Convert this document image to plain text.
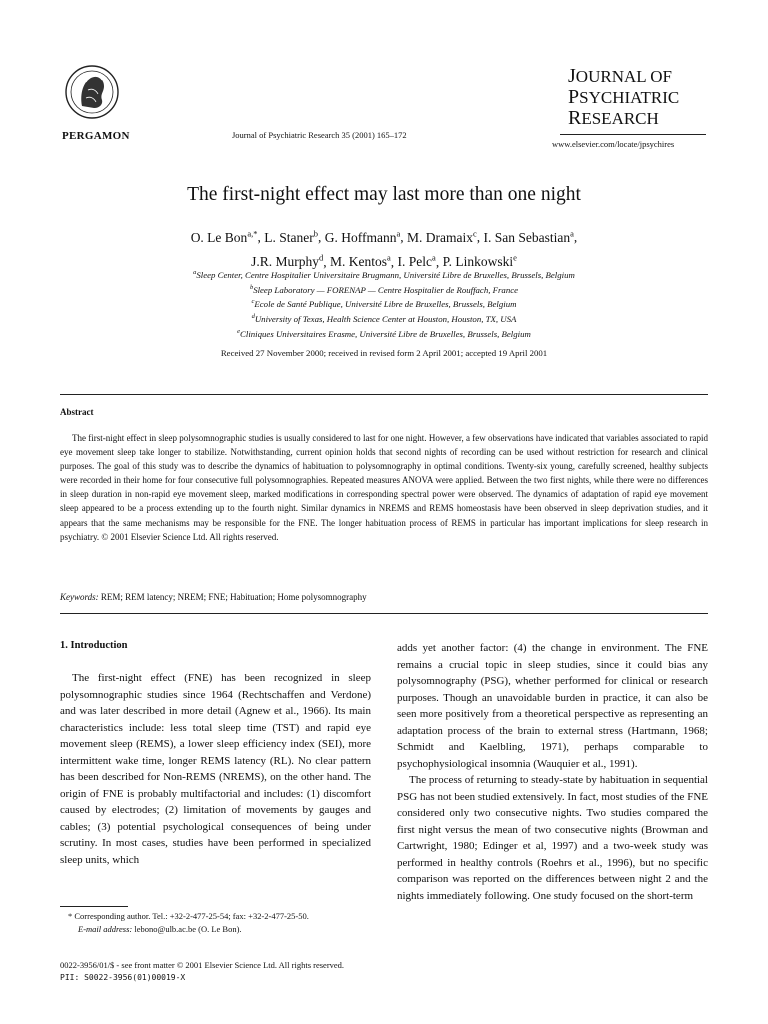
PERGAMON	Journal of Psychiatric Research 35 (2001) 165–172
JOURNAL OF
PSYCHIATRIC
RESEARCH
www.elsevier.com/locate/jpsychires
The first-night effect may last more than one night
O. Le Bon$^{a,*}$, L. Staner$^b$, G. Hoffmann$^a$, M. Dramaix$^c$, I. San Sebastian$^a$,
J.R. Murphy$^d$, M. Kentos$^a$, I. Pelc$^a$, P. Linkowski$^e$
$^a$Sleep Center, Centre Hospitalier Universitaire Brugmann, Université Libre de Bruxelles, Brussels, Belgium
$^b$Sleep Laboratory — FORENAP — Centre Hospitalier de Rouffach, France
$^c$Ecole de Santé Publique, Université Libre de Bruxelles, Brussels, Belgium
$^d$University of Texas, Health Science Center at Houston, Houston, TX, USA
$^e$Cliniques Universitaires Erasme, Université Libre de Bruxelles, Brussels, Belgium
Received 27 November 2000; received in revised form 2 April 2001; accepted 19 April 2001
Abstract
The first-night effect in sleep polysomnographic studies is usually considered to last for one night. However, a few observations have indicated that variables associated to rapid eye movement sleep take longer to stabilize. Notwithstanding, current opinion holds that second nights of recording can be used without restriction for research and clinical purposes. The goal of this study was to describe the dynamics of habituation to polysomnography in optimal conditions. Twenty-six young, carefully screened, healthy subjects were recorded in their home for four consecutive full polysomnographies. Repeated measures ANOVA were applied. Between the two first nights, while there were no differences in sleep duration in non-rapid eye movement sleep, marked modifications in corresponding spectral power were observed. The dynamics of adaptation of rapid eye movement sleep appeared to be a process extending up to the fourth night. Similar dynamics in NREMS and REMS homeostasis have been observed in sleep deprivation studies, and it appears that the same mechanisms may be responsible for the FNE. The longer habituation process of REMS in particular has important implications for sleep research in psychiatry. © 2001 Elsevier Science Ltd. All rights reserved.
Keywords: REM; REM latency; NREM; FNE; Habituation; Home polysomnography
1. Introduction

The first-night effect (FNE) has been recognized in sleep polysomnographic studies since 1964 (Rechtschaffen and Verdone) and was later described in more detail (Agnew et al., 1966). Its main characteristics include: less total sleep time (TST) and rapid eye movement sleep (REMS), a lower sleep efficiency index (SEI), more intermittent wake time, longer REMS latency (RL). No clear pattern has been described for Non-REMS (NREMS), on the other hand. The origin of FNE is probably multifactorial and includes: (1) discomfort caused by electrodes; (2) limitation of movements by gauges and cables; (3) potential psychological consequences of being under scrutiny. In most cases, studies have been performed in specialized sleep units, which

adds yet another factor: (4) the change in environment. The FNE remains a crucial topic in sleep studies, since it could bias any polysomnography (PSG), whether performed for clinical or research purposes. Though an unavoidable burden in practice, it can also be seen more positively from a theoretical perspective as representing an adaptation process of the brain to external stress (Hartmann, 1968; Schmidt and Kaelbling, 1971), perhaps comparable to psychophysiological insomnia (Wauquier et al., 1991).

The process of returning to steady-state by habituation in sequential PSG has not been studied extensively. In fact, most studies of the FNE considered only two consecutive nights. Two studies compared the first night versus the mean of two consecutive nights (Browman and Cartwright, 1980; Edinger et al, 1997) and a two-week study was performed in healthy controls (Roehrs et al., 1996), but no specific comparison was reported on the differences between night 2 and the nights immediately following. One study focused on the short-term

* Corresponding author. Tel.: +32-2-477-25-54; fax: +32-2-477-25-50.
E-mail address: lebono@ulb.ac.be (O. Le Bon).
0022-3956/01/$ - see front matter © 2001 Elsevier Science Ltd. All rights reserved.
PII: S0022-3956(01)00019-X
